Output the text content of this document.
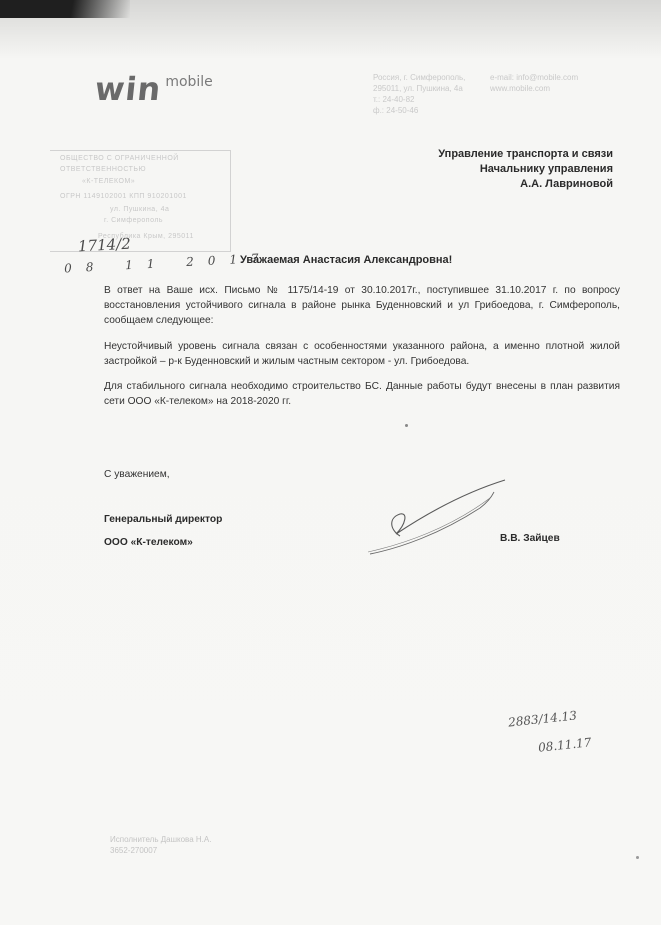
win mobile	Россия, г. Симферополь,
295011, ул. Пушкина, 4а
т.: 24-40-82
ф.: 24-50-46
e-mail: info@mobile.com
www.mobile.com
Управление транспорта и связи
Начальнику управления
А.А. Лавриновой
ОБЩЕСТВО С ОГРАНИЧЕННОЙ
ОТВЕТСТВЕННОСТЬЮ
«К-ТЕЛЕКОМ»
ОГРН 1149102001 КПП 910201001
ул. Пушкина, 4а
г. Симферополь
Республика Крым, 295011
1714/2
08 11 2017
Уважаемая Анастасия Александровна!
В ответ на Ваше исх. Письмо № 1175/14-19 от 30.10.2017г., поступившее 31.10.2017 г. по вопросу восстановления устойчивого сигнала в районе рынка Буденновский и ул Грибоедова, г. Симферополь, сообщаем следующее:
Неустойчивый уровень сигнала связан с особенностями указанного района, а именно плотной жилой застройкой – р-к Буденновский и жилым частным сектором - ул. Грибоедова.
Для стабильного сигнала необходимо строительство БС. Данные работы будут внесены в план развития сети ООО «К-телеком» на 2018-2020 гг.
С уважением,
Генеральный директор
ООО «К-телеком»	В.В. Зайцев
2883/14.13
08.11.17
Исполнитель Дашкова Н.А.
3652-270007
